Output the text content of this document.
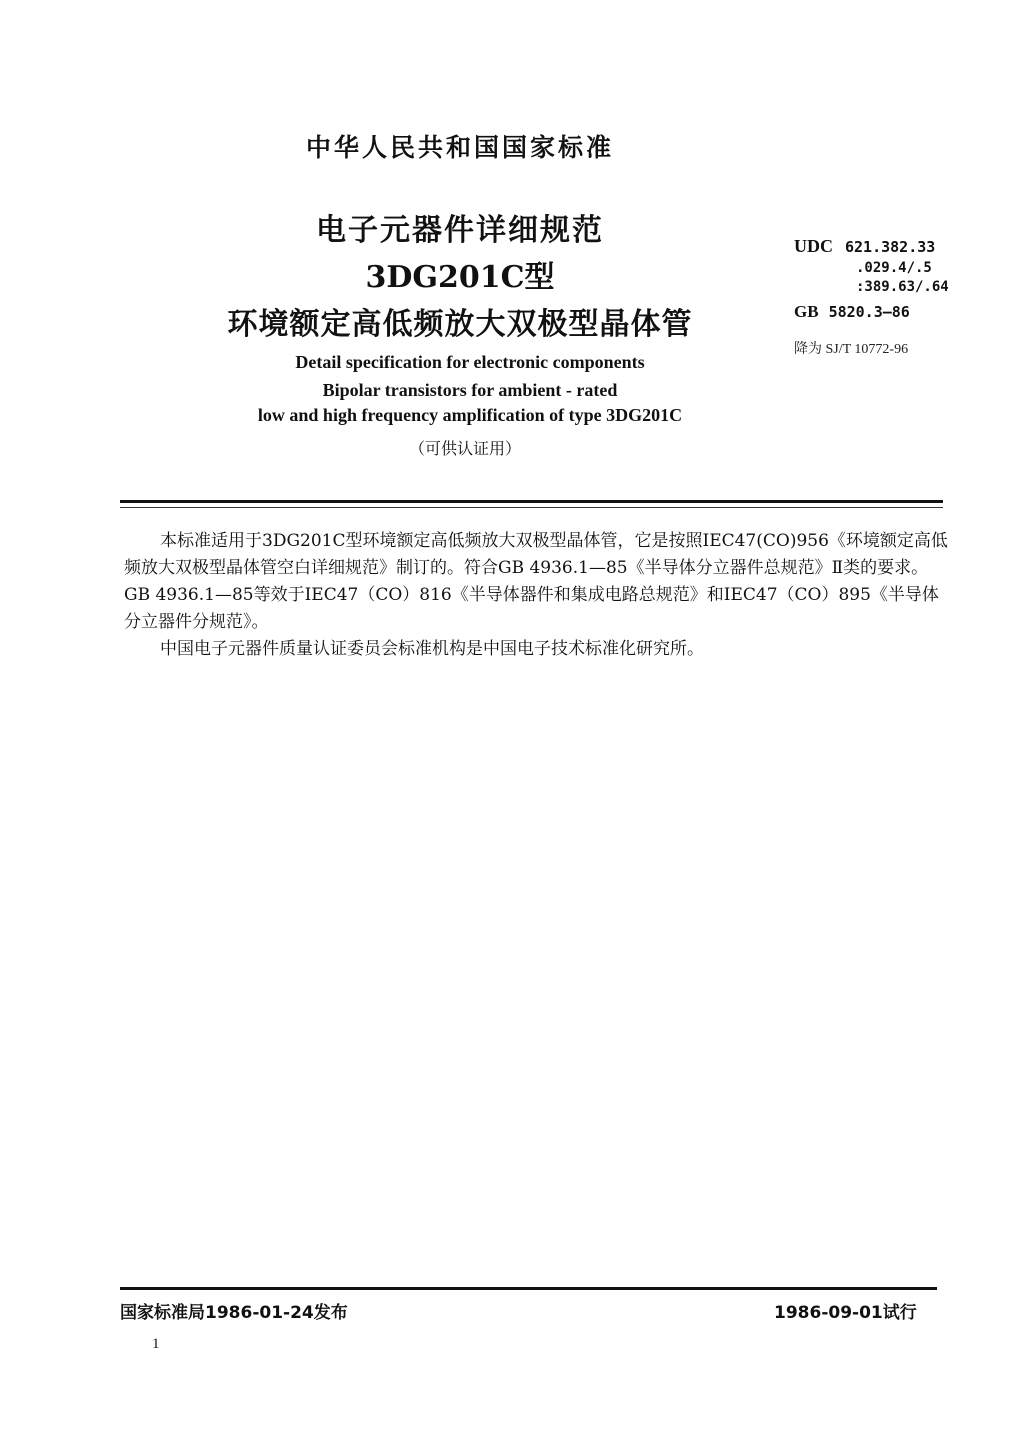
中华人民共和国国家标准
电子元器件详细规范
3DG201C型
环境额定高低频放大双极型晶体管
Detail specification for electronic components
Bipolar transistors for ambient - rated
low and high frequency amplification of type 3DG201C
（可供认证用）
UDC 621.382.33
.029.4/.5
:389.63/.64
GB 5820.3—86
降为 SJ/T 10772-96

本标准适用于3DG201C型环境额定高低频放大双极型晶体管，它是按照IEC47(CO)956《环境额定高低频放大双极型晶体管空白详细规范》制订的。符合GB 4936.1—85《半导体分立器件总规范》Ⅱ类的要求。GB 4936.1—85等效于IEC47（CO）816《半导体器件和集成电路总规范》和IEC47（CO）895《半导体分立器件分规范》。

中国电子元器件质量认证委员会标准机构是中国电子技术标准化研究所。

国家标准局1986-01-24发布	1986-09-01试行
1
